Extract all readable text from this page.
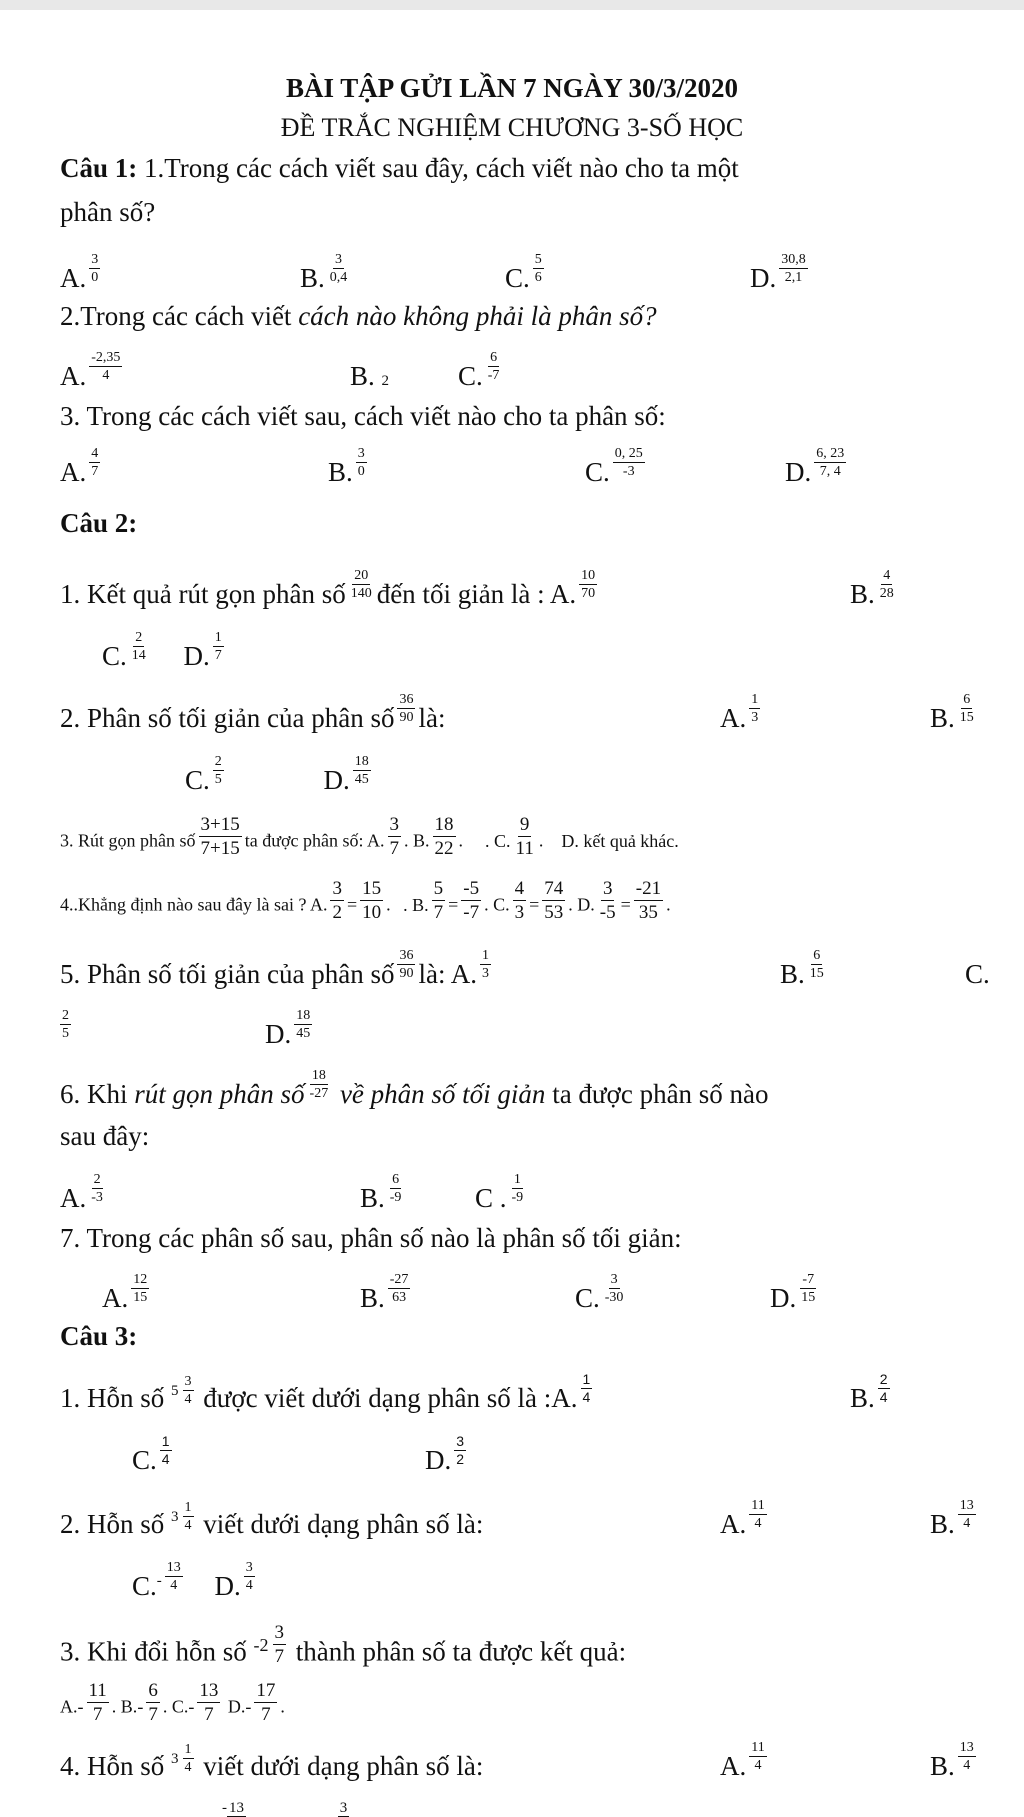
BÀI TẬP GỬI LẦN 7 NGÀY 30/3/2020
ĐỀ TRẮC NGHIỆM CHƯƠNG 3-SỐ HỌC
Câu 1: 1.Trong các cách viết sau đây, cách viết nào cho ta một
phân số?
A. $\frac{3}{0}$	B. $\frac{3}{0,4}$	C. $\frac{5}{6}$	D. $\frac{30,8}{2,1}$
2.Trong các cách viết cách nào không phải là phân số?
A. $\frac{-2,35}{4}$	B. 2	C. $\frac{6}{-7}$
3. Trong các cách viết sau, cách viết nào cho ta phân số:
A. $\frac{4}{7}$	B. $\frac{3}{0}$	C. $\frac{0, 25}{-3}$	D. $\frac{6, 23}{7, 4}$
Câu 2:
1. Kết quả rút gọn phân số $\frac{20}{140}$ đến tối giản là : A. $\frac{10}{70}$	B. $\frac{4}{28}$
C. $\frac{2}{14} D$. $\frac{1}{7}$
2. Phân số tối giản của phân số $\frac{36}{90}$ là:	A. $\frac{1}{3}$	B. $\frac{6}{15}$
C. $\frac{2}{5}$	D. $\frac{18}{45}$
3. Rút gọn phân số $\frac{3+15}{7+15}$ ta được phân số: A. $\frac{3}{7}$ . B. $\frac{18}{22}$ . . C. $\frac{9}{11}$ . D. kết quả khác.
4..Khẳng định nào sau đây là sai ? A. $\frac{3}{2} = \frac{15}{10}$ . . B. $\frac{5}{7} = \frac{-5}{-7}$ . C. $\frac{4}{3} = \frac{74}{53}$ . D. $\frac{3}{-5} = \frac{-21}{35}$ .
5. Phân số tối giản của phân số $\frac{36}{90}$ là: A. $\frac{1}{3}$	B. $\frac{6}{15}$	C.
$\frac{2}{5}$	D. $\frac{18}{45}$
6. Khi rút gọn phân số $\frac{18}{-27}$ về phân số tối giản ta được phân số nào
sau đây:
A. $\frac{2}{-3}$	B. $\frac{6}{-9}$	C . $\frac{1}{-9}$
7. Trong các phân số sau, phân số nào là phân số tối giản:
A. $\frac{12}{15}$	B. $\frac{-27}{63}$	C. $\frac{3}{-30}$	D. $\frac{-7}{15}$
Câu 3:
1. Hỗn số 5
3
4 được viết dưới dạng phân số là :A. $\frac{1}{4}$	B. $\frac{2}{4}$
C. $\frac{1}{4}$	D. $\frac{3}{2}$
2. Hỗn số 3
1
4 viết dưới dạng phân số là:	A. $\frac{11}{4}$	B. $\frac{13}{4}$
$C.^- \frac{13}{4} D$. $\frac{3}{4}$
3. Khi đổi hỗn số -2
3
7 thành phân số ta được kết quả:
$A.- \frac{11}{7}$ . $B.- \frac{6}{7}$ . $C.- \frac{13}{7} D.- \frac{17}{7}$ .
4. Hỗn số 3
1
4 viết dưới dạng phân số là:	A. $\frac{11}{4}$	B. $\frac{13}{4}$
- 13	3
